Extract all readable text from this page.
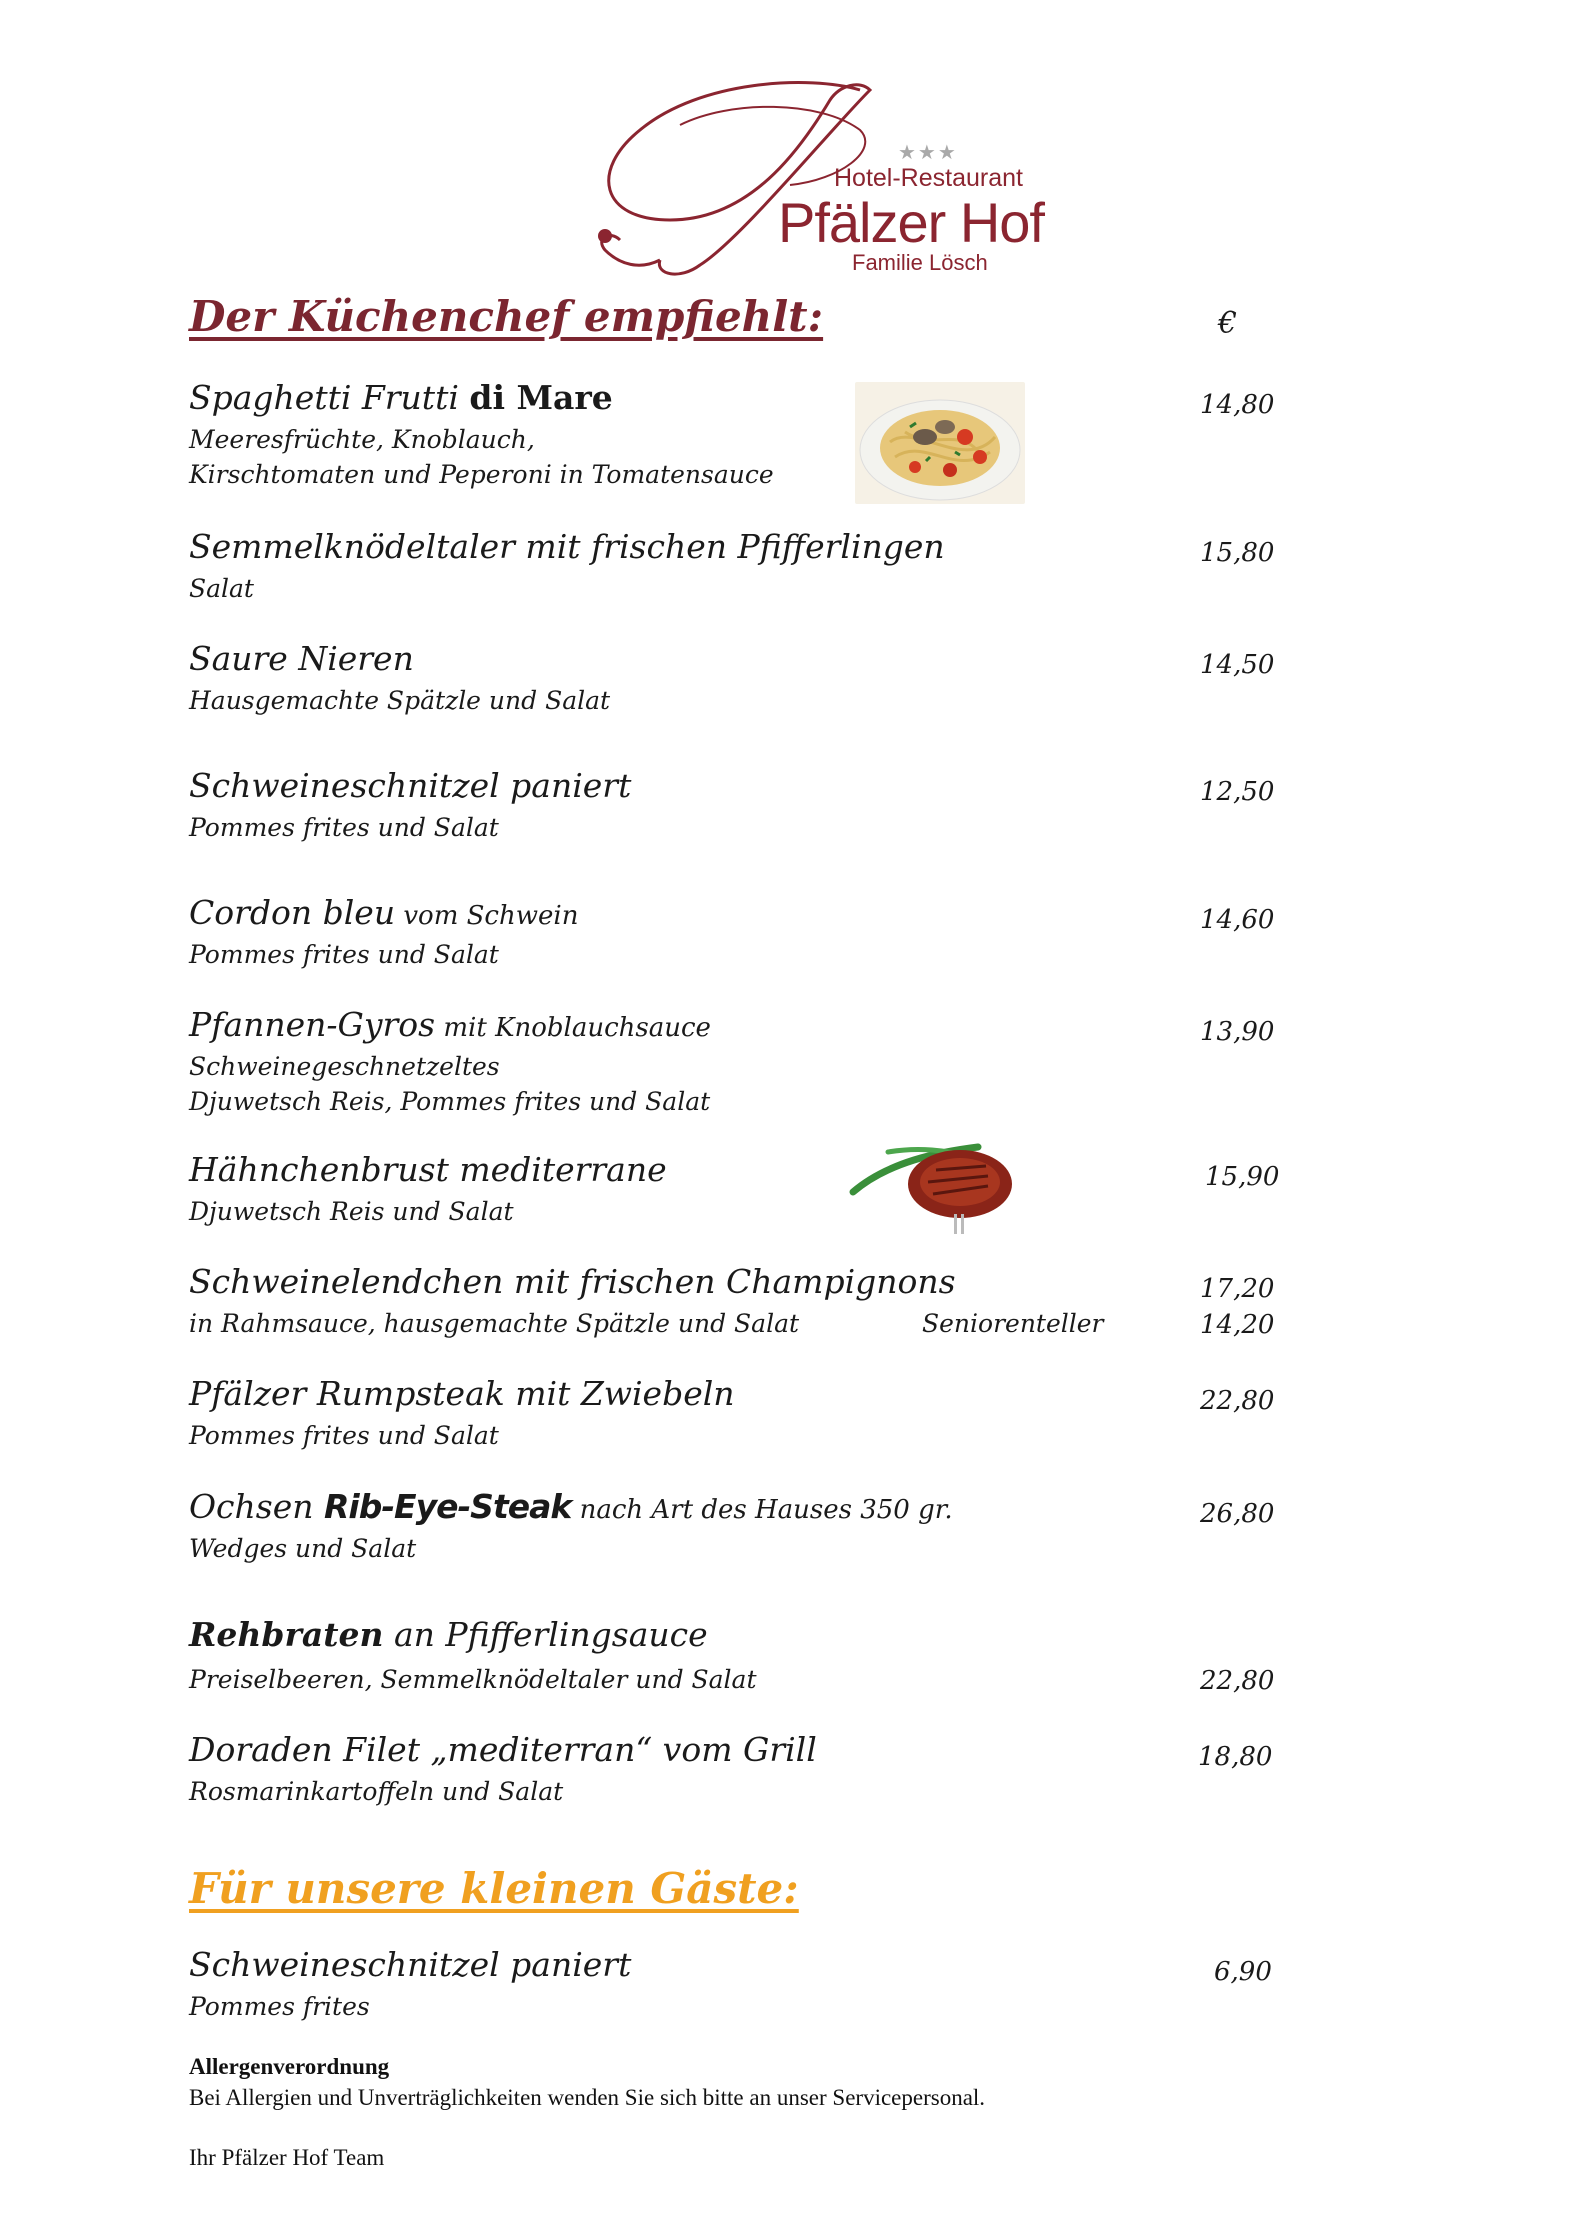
★★★
Hotel-Restaurant
Pfälzer Hof
Familie Lösch
Der Küchenchef empfiehlt:	€
Spaghetti Frutti di Mare
Meeresfrüchte, Knoblauch,
Kirschtomaten und Peperoni in Tomatensauce
14,80
Semmelknödeltaler mit frischen Pfifferlingen
Salat
15,80
Saure Nieren
Hausgemachte Spätzle und Salat
14,50
Schweineschnitzel paniert
Pommes frites und Salat
12,50
Cordon bleu vom Schwein
Pommes frites und Salat
14,60
Pfannen-Gyros mit Knoblauchsauce
Schweinegeschnetzeltes
Djuwetsch Reis, Pommes frites und Salat
13,90
Hähnchenbrust mediterrane
Djuwetsch Reis und Salat
15,90
Schweinelendchen mit frischen Champignons
in Rahmsauce, hausgemachte Spätzle und Salat	Seniorenteller
17,20
14,20
Pfälzer Rumpsteak mit Zwiebeln
Pommes frites und Salat
22,80
Ochsen Rib-Eye-Steak nach Art des Hauses 350 gr.
Wedges und Salat
26,80
Rehbraten an Pfifferlingsauce
Preiselbeeren, Semmelknödeltaler und Salat	22,80
Doraden Filet „mediterran“ vom Grill
Rosmarinkartoffeln und Salat
18,80
Für unsere kleinen Gäste:
Schweineschnitzel paniert
Pommes frites
6,90
Allergenverordnung
Bei Allergien und Unverträglichkeiten wenden Sie sich bitte an unser Servicepersonal.
Ihr Pfälzer Hof Team
